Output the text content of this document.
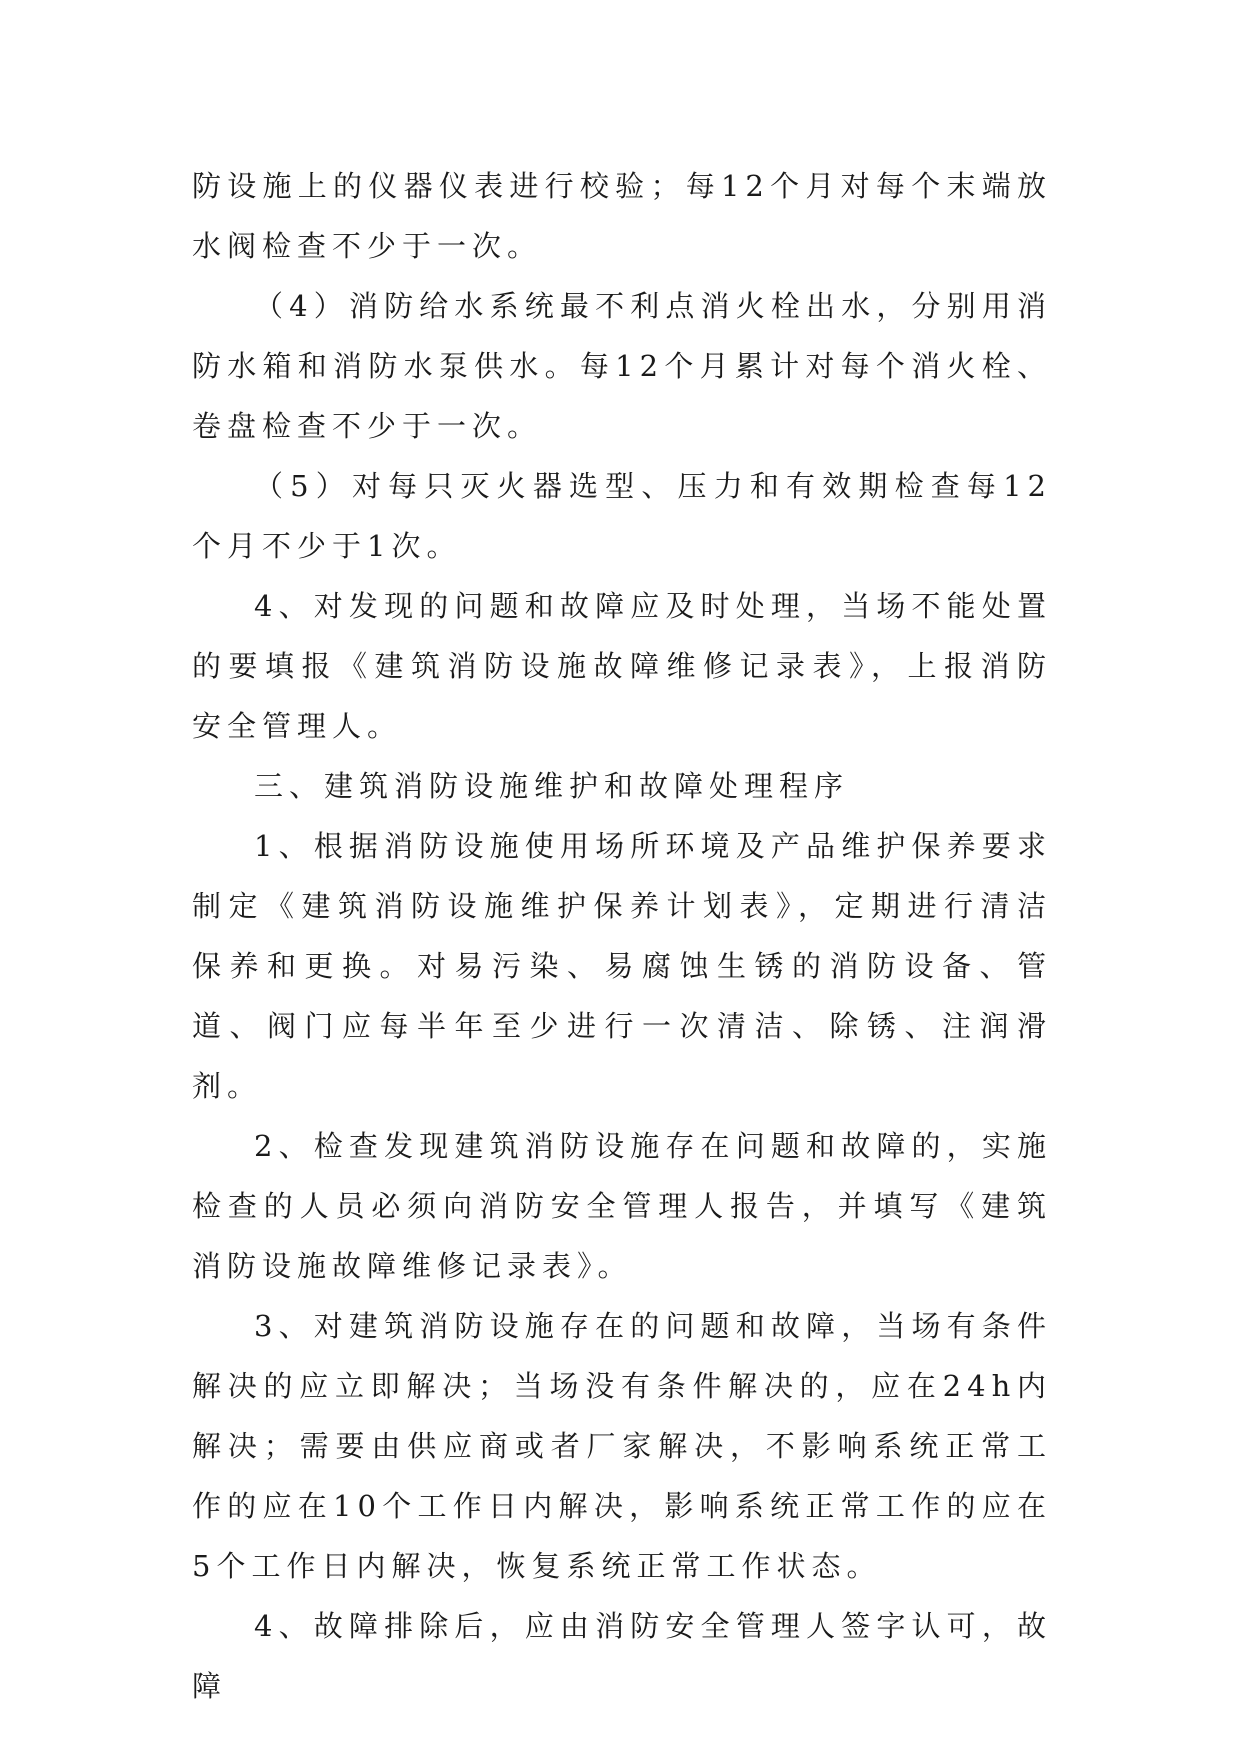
防设施上的仪器仪表进行校验；每12个月对每个末端放水阀检查不少于一次。

（4）消防给水系统最不利点消火栓出水，分别用消防水箱和消防水泵供水。每12个月累计对每个消火栓、卷盘检查不少于一次。

（5）对每只灭火器选型、压力和有效期检查每12个月不少于1次。

4、对发现的问题和故障应及时处理，当场不能处置的要填报《建筑消防设施故障维修记录表》，上报消防安全管理人。

三、建筑消防设施维护和故障处理程序

1、根据消防设施使用场所环境及产品维护保养要求制定《建筑消防设施维护保养计划表》，定期进行清洁保养和更换。对易污染、易腐蚀生锈的消防设备、管道、阀门应每半年至少进行一次清洁、除锈、注润滑剂。

2、检查发现建筑消防设施存在问题和故障的，实施检查的人员必须向消防安全管理人报告，并填写《建筑消防设施故障维修记录表》。

3、对建筑消防设施存在的问题和故障，当场有条件解决的应立即解决；当场没有条件解决的，应在24h内解决；需要由供应商或者厂家解决，不影响系统正常工作的应在10个工作日内解决，影响系统正常工作的应在5个工作日内解决，恢复系统正常工作状态。

4、故障排除后，应由消防安全管理人签字认可，故障
